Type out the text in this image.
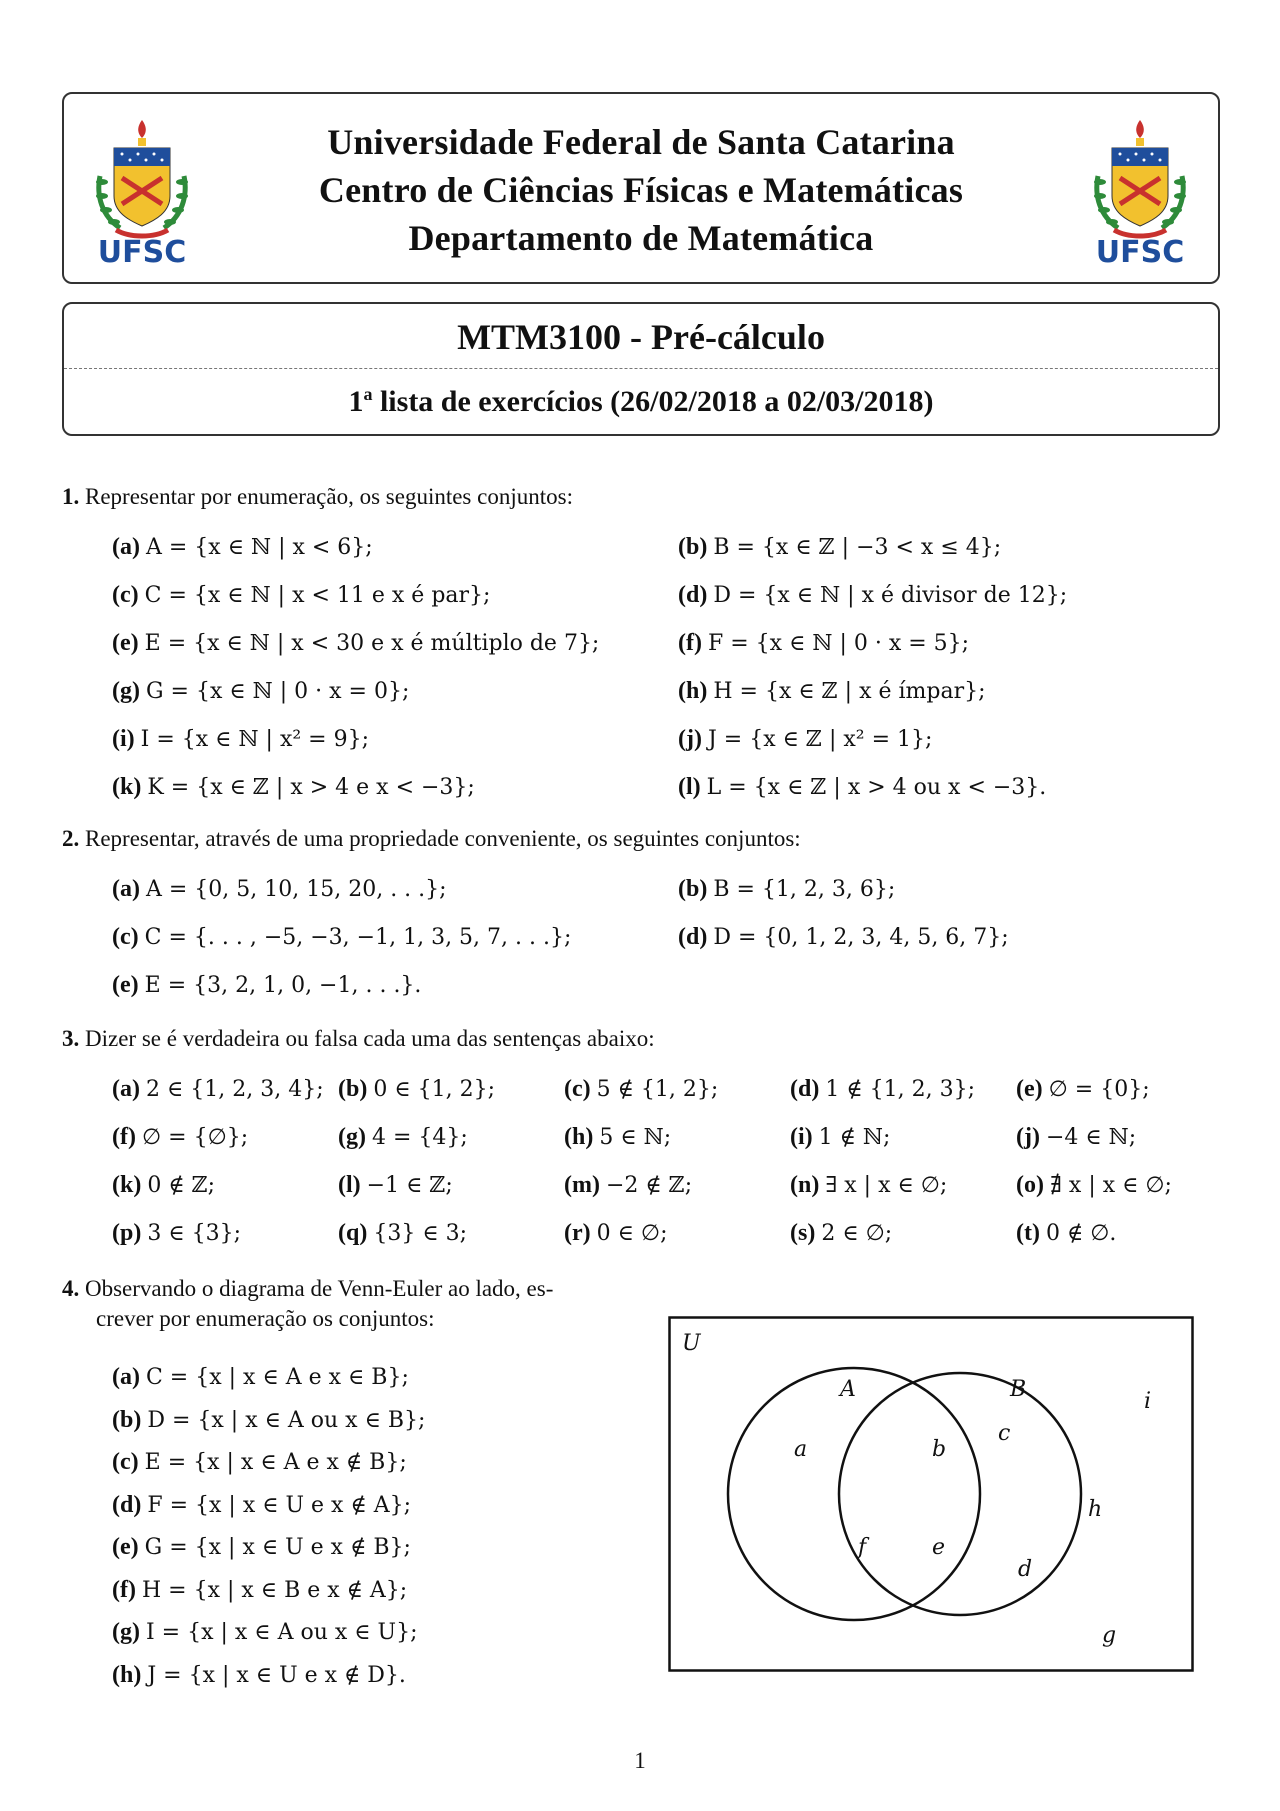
UFSC
Universidade Federal de Santa Catarina
Centro de Ciências Físicas e Matemáticas
Departamento de Matemática	UFSC
MTM3100 - Pré-cálculo
1$^a$ lista de exercícios (26/02/2018 a 02/03/2018)
1. Representar por enumeração, os seguintes conjuntos:
(a) A = {x ∈ ℕ | x < 6};	(b) B = {x ∈ ℤ | −3 < x ≤ 4};
(c) C = {x ∈ ℕ | x < 11 e x é par};	(d) D = {x ∈ ℕ | x é divisor de 12};
(e) E = {x ∈ ℕ | x < 30 e x é múltiplo de 7};	(f) F = {x ∈ ℕ | 0 · x = 5};
(g) G = {x ∈ ℕ | 0 · x = 0};	(h) H = {x ∈ ℤ | x é ímpar};
(i) I = {x ∈ ℕ | x² = 9};	(j) J = {x ∈ ℤ | x² = 1};
(k) K = {x ∈ ℤ | x > 4 e x < −3};	(l) L = {x ∈ ℤ | x > 4 ou x < −3}.
2. Representar, através de uma propriedade conveniente, os seguintes conjuntos:
(a) A = {0, 5, 10, 15, 20, . . .};	(b) B = {1, 2, 3, 6};
(c) C = {. . . , −5, −3, −1, 1, 3, 5, 7, . . .};	(d) D = {0, 1, 2, 3, 4, 5, 6, 7};
(e) E = {3, 2, 1, 0, −1, . . .}.
3. Dizer se é verdadeira ou falsa cada uma das sentenças abaixo:
(a) 2 ∈ {1, 2, 3, 4}; (b) 0 ∈ {1, 2};	(c) 5 ∉ {1, 2};	(d) 1 ∉ {1, 2, 3}; (e) ∅ = {0};
(f) ∅ = {∅};	(g) 4 = {4};	(h) 5 ∈ ℕ;	(i) 1 ∉ ℕ;	(j) −4 ∈ ℕ;
(k) 0 ∉ ℤ;	(l) −1 ∈ ℤ;	(m) −2 ∉ ℤ;	(n) ∃ x | x ∈ ∅;	(o) ∄ x | x ∈ ∅;
(p) 3 ∈ {3};	(q) {3} ∈ 3;	(r) 0 ∈ ∅;	(s) 2 ∈ ∅;	(t) 0 ∉ ∅.
4. Observando o diagrama de Venn-Euler ao lado, es-
crever por enumeração os conjuntos:
(a) C = {x | x ∈ A e x ∈ B};
(b) D = {x | x ∈ A ou x ∈ B};
(c) E = {x | x ∈ A e x ∉ B};
(d) F = {x | x ∈ U e x ∉ A};
(e) G = {x | x ∈ U e x ∉ B};
(f) H = {x | x ∈ B e x ∉ A};
(g) I = {x | x ∈ A ou x ∈ U};
(h) J = {x | x ∈ U e x ∉ D}.
U
A	B
a	b
c
d
e
f
g
h
i
1
